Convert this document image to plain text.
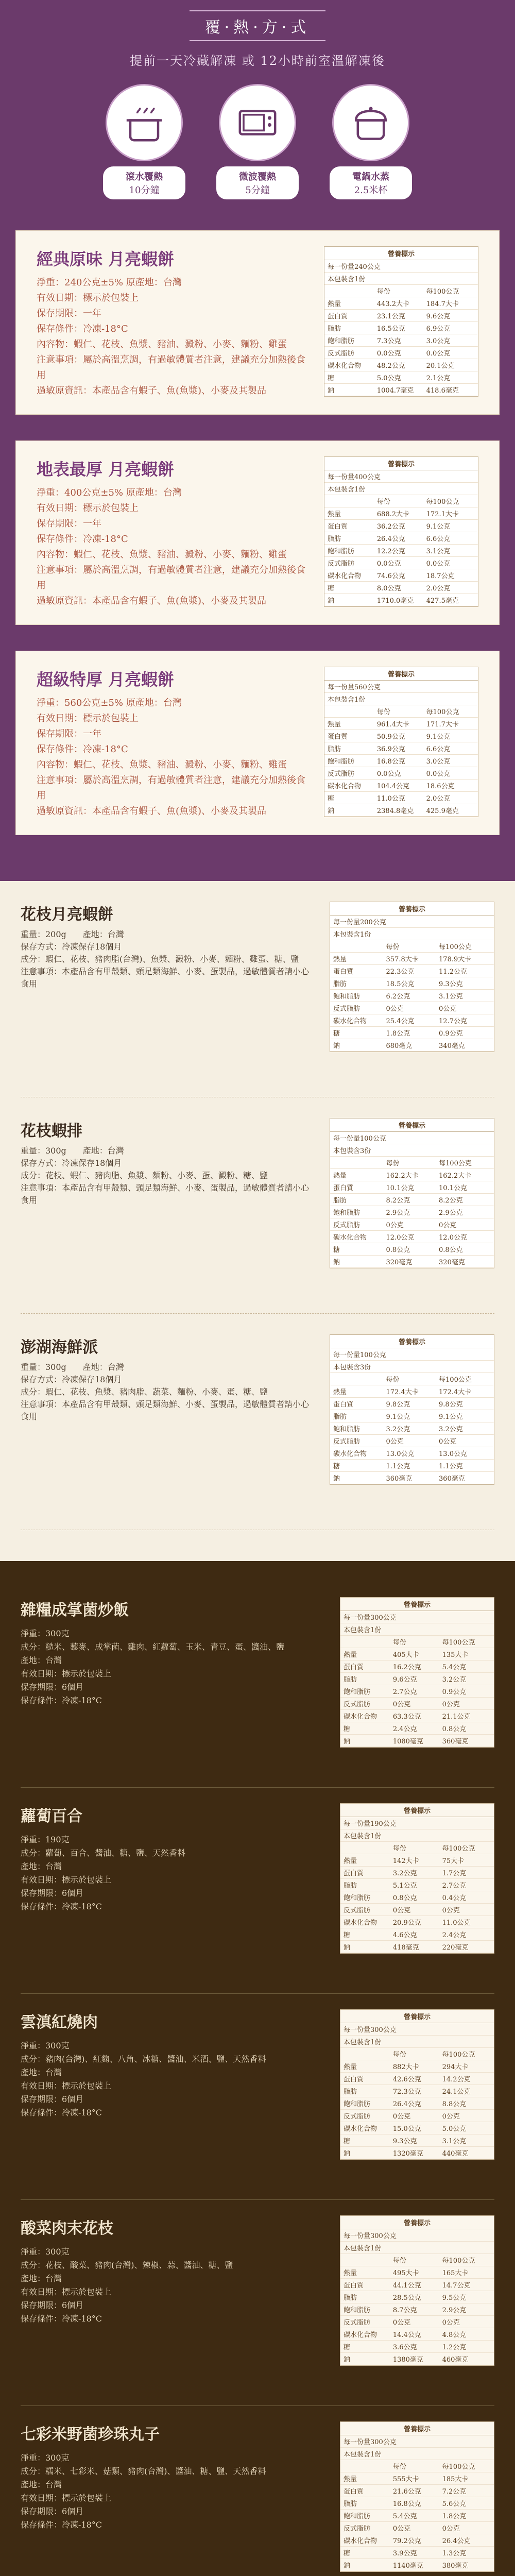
覆·熱·方·式
提前一天冷藏解凍 或 12小時前室溫解凍後
滾水覆熱
10分鐘
微波覆熱
5分鐘
電鍋水蒸
2.5米杯
經典原味 月亮蝦餅
淨重：240公克±5% 原產地：台灣
有效日期：標示於包裝上
保存期限：一年
保存條件：冷凍-18°C
內容物：蝦仁、花枝、魚漿、豬油、澱粉、小麥、麵粉、雞蛋
注意事項：屬於高溫烹調，有過敏體質者注意，建議充分加熱後食用
過敏原資訊：本產品含有蝦子、魚(魚漿)、小麥及其製品
營養標示
每一份量240公克
本包裝含1份
每份	每100公克
熱量	443.2大卡	184.7大卡
蛋白質	23.1公克	9.6公克
脂肪	16.5公克	6.9公克
飽和脂肪	7.3公克	3.0公克
反式脂肪	0.0公克	0.0公克
碳水化合物	48.2公克	20.1公克
糖	5.0公克	2.1公克
鈉	1004.7毫克	418.6毫克
地表最厚 月亮蝦餅
淨重：400公克±5% 原產地：台灣
有效日期：標示於包裝上
保存期限：一年
保存條件：冷凍-18°C
內容物：蝦仁、花枝、魚漿、豬油、澱粉、小麥、麵粉、雞蛋
注意事項：屬於高溫烹調，有過敏體質者注意，建議充分加熱後食用
過敏原資訊：本產品含有蝦子、魚(魚漿)、小麥及其製品
營養標示
每一份量400公克
本包裝含1份
每份	每100公克
熱量	688.2大卡	172.1大卡
蛋白質	36.2公克	9.1公克
脂肪	26.4公克	6.6公克
飽和脂肪	12.2公克	3.1公克
反式脂肪	0.0公克	0.0公克
碳水化合物	74.6公克	18.7公克
糖	8.0公克	2.0公克
鈉	1710.0毫克	427.5毫克
超級特厚 月亮蝦餅
淨重：560公克±5% 原產地：台灣
有效日期：標示於包裝上
保存期限：一年
保存條件：冷凍-18°C
內容物：蝦仁、花枝、魚漿、豬油、澱粉、小麥、麵粉、雞蛋
注意事項：屬於高溫烹調，有過敏體質者注意，建議充分加熱後食用
過敏原資訊：本產品含有蝦子、魚(魚漿)、小麥及其製品
營養標示
每一份量560公克
本包裝含1份
每份	每100公克
熱量	961.4大卡	171.7大卡
蛋白質	50.9公克	9.1公克
脂肪	36.9公克	6.6公克
飽和脂肪	16.8公克	3.0公克
反式脂肪	0.0公克	0.0公克
碳水化合物	104.4公克	18.6公克
糖	11.0公克	2.0公克
鈉	2384.8毫克	425.9毫克
花枝月亮蝦餅
重量：200g　　產地：台灣
保存方式：冷凍保存18個月
成分：蝦仁、花枝、豬肉脂(台灣)、魚漿、澱粉、小麥、麵粉、雞蛋、糖、鹽
注意事項：本產品含有甲殼類、頭足類海鮮、小麥、蛋製品，過敏體質者請小心食用
營養標示
每一份量200公克
本包裝含1份
每份	每100公克
熱量	357.8大卡	178.9大卡
蛋白質	22.3公克	11.2公克
脂肪	18.5公克	9.3公克
飽和脂肪	6.2公克	3.1公克
反式脂肪	0公克	0公克
碳水化合物	25.4公克	12.7公克
糖	1.8公克	0.9公克
鈉	680毫克	340毫克
花枝蝦排
重量：300g　　產地：台灣
保存方式：冷凍保存18個月
成分：花枝、蝦仁、豬肉脂、魚漿、麵粉、小麥、蛋、澱粉、糖、鹽
注意事項：本產品含有甲殼類、頭足類海鮮、小麥、蛋製品，過敏體質者請小心食用
營養標示
每一份量100公克
本包裝含3份
每份	每100公克
熱量	162.2大卡	162.2大卡
蛋白質	10.1公克	10.1公克
脂肪	8.2公克	8.2公克
飽和脂肪	2.9公克	2.9公克
反式脂肪	0公克	0公克
碳水化合物	12.0公克	12.0公克
糖	0.8公克	0.8公克
鈉	320毫克	320毫克
澎湖海鮮派
重量：300g　　產地：台灣
保存方式：冷凍保存18個月
成分：蝦仁、花枝、魚漿、豬肉脂、蔬菜、麵粉、小麥、蛋、糖、鹽
注意事項：本產品含有甲殼類、頭足類海鮮、小麥、蛋製品，過敏體質者請小心食用
營養標示
每一份量100公克
本包裝含3份
每份	每100公克
熱量	172.4大卡	172.4大卡
蛋白質	9.8公克	9.8公克
脂肪	9.1公克	9.1公克
飽和脂肪	3.2公克	3.2公克
反式脂肪	0公克	0公克
碳水化合物	13.0公克	13.0公克
糖	1.1公克	1.1公克
鈉	360毫克	360毫克
雜糧成掌菌炒飯
淨重：300克
成分：糙米、藜麥、成掌菌、雞肉、紅蘿蔔、玉米、青豆、蛋、醬油、鹽
產地：台灣
有效日期：標示於包裝上
保存期限：6個月
保存條件：冷凍-18°C
營養標示
每一份量300公克
本包裝含1份
每份	每100公克
熱量	405大卡	135大卡
蛋白質	16.2公克	5.4公克
脂肪	9.6公克	3.2公克
飽和脂肪	2.7公克	0.9公克
反式脂肪	0公克	0公克
碳水化合物	63.3公克	21.1公克
糖	2.4公克	0.8公克
鈉	1080毫克	360毫克
蘿蔔百合
淨重：190克
成分：蘿蔔、百合、醬油、糖、鹽、天然香料
產地：台灣
有效日期：標示於包裝上
保存期限：6個月
保存條件：冷凍-18°C
營養標示
每一份量190公克
本包裝含1份
每份	每100公克
熱量	142大卡	75大卡
蛋白質	3.2公克	1.7公克
脂肪	5.1公克	2.7公克
飽和脂肪	0.8公克	0.4公克
反式脂肪	0公克	0公克
碳水化合物	20.9公克	11.0公克
糖	4.6公克	2.4公克
鈉	418毫克	220毫克
雲滇紅燒肉
淨重：300克
成分：豬肉(台灣)、紅麴、八角、冰糖、醬油、米酒、鹽、天然香料
產地：台灣
有效日期：標示於包裝上
保存期限：6個月
保存條件：冷凍-18°C
營養標示
每一份量300公克
本包裝含1份
每份	每100公克
熱量	882大卡	294大卡
蛋白質	42.6公克	14.2公克
脂肪	72.3公克	24.1公克
飽和脂肪	26.4公克	8.8公克
反式脂肪	0公克	0公克
碳水化合物	15.0公克	5.0公克
糖	9.3公克	3.1公克
鈉	1320毫克	440毫克
酸菜肉末花枝
淨重：300克
成分：花枝、酸菜、豬肉(台灣)、辣椒、蒜、醬油、糖、鹽
產地：台灣
有效日期：標示於包裝上
保存期限：6個月
保存條件：冷凍-18°C
營養標示
每一份量300公克
本包裝含1份
每份	每100公克
熱量	495大卡	165大卡
蛋白質	44.1公克	14.7公克
脂肪	28.5公克	9.5公克
飽和脂肪	8.7公克	2.9公克
反式脂肪	0公克	0公克
碳水化合物	14.4公克	4.8公克
糖	3.6公克	1.2公克
鈉	1380毫克	460毫克
七彩米野菌珍珠丸子
淨重：300克
成分：糯米、七彩米、菇類、豬肉(台灣)、醬油、糖、鹽、天然香料
產地：台灣
有效日期：標示於包裝上
保存期限：6個月
保存條件：冷凍-18°C
營養標示
每一份量300公克
本包裝含1份
每份	每100公克
熱量	555大卡	185大卡
蛋白質	21.6公克	7.2公克
脂肪	16.8公克	5.6公克
飽和脂肪	5.4公克	1.8公克
反式脂肪	0公克	0公克
碳水化合物	79.2公克	26.4公克
糖	3.9公克	1.3公克
鈉	1140毫克	380毫克
